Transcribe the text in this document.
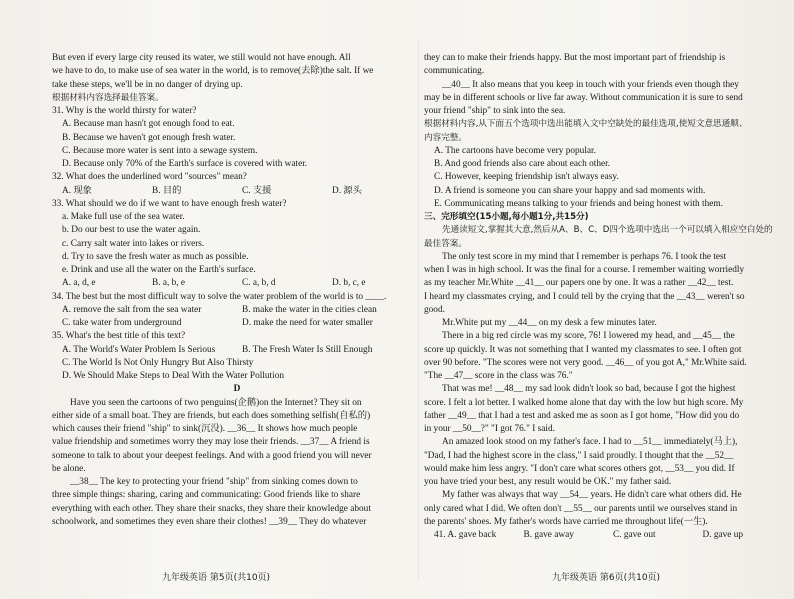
But even if every large city reused its water, we still would not have enough. All

we have to do, to make use of sea water in the world, is to remove(去除)the salt. If we

take these steps, we'll be in no danger of drying up.

根据材料内容选择最佳答案。

31. Why is the world thirsty for water?

A. Because man hasn't got enough food to eat.

B. Because we haven't got enough fresh water.

C. Because more water is sent into a sewage system.

D. Because only 70% of the Earth's surface is covered with water.

32. What does the underlined word "sources" mean?

A. 现象	B. 目的	C. 支援	D. 源头

33. What should we do if we want to have enough fresh water?

a. Make full use of the sea water.

b. Do our best to use the water again.

c. Carry salt water into lakes or rivers.

d. Try to save the fresh water as much as possible.

e. Drink and use all the water on the Earth's surface.

A. a, d, e	B. a, b, e	C. a, b, d	D. b, c, e

34. The best but the most difficult way to solve the water problem of the world is to ____.

A. remove the salt from the sea water	B. make the water in the cities clean
C. take water from underground	D. make the need for water smaller

35. What's the best title of this text?

A. The World's Water Problem Is Serious	B. The Fresh Water Is Still Enough

C. The World Is Not Only Hungry But Also Thirsty

D. We Should Make Steps to Deal With the Water Pollution

D

Have you seen the cartoons of two penguins(企鹅)on the Internet? They sit on

either side of a small boat. They are friends, but each does something selfish(自私的)

which causes their friend "ship" to sink(沉没). __36__ It shows how much people

value friendship and sometimes worry they may lose their friends. __37__ A friend is

someone to talk to about your deepest feelings. And with a good friend you will never

be alone.

__38__ The key to protecting your friend "ship" from sinking comes down to

three simple things: sharing, caring and communicating: Good friends like to share

everything with each other. They share their snacks, they share their knowledge about

schoolwork, and sometimes they even share their clothes! __39__ They do whatever

they can to make their friends happy. But the most important part of friendship is

communicating.

__40__ It also means that you keep in touch with your friends even though they

may be in different schools or live far away. Without communication it is sure to send

your friend "ship" to sink into the sea.

根据材料内容,从下面五个选项中选出能填入文中空缺处的最佳选项,使短文意思通顺、

内容完整。

A. The cartoons have become very popular.

B. And good friends also care about each other.

C. However, keeping friendship isn't always easy.

D. A friend is someone you can share your happy and sad moments with.

E. Communicating means talking to your friends and being honest with them.

三、完形填空(15小题,每小题1分,共15分)

先通读短文,掌握其大意,然后从A、B、C、D四个选项中选出一个可以填入相应空白处的

最佳答案。

The only test score in my mind that I remember is perhaps 76. I took the test

when I was in high school. It was the final for a course. I remember waiting worriedly

as my teacher Mr.White __41__ our papers one by one. It was a rather __42__ test.

I heard my classmates crying, and I could tell by the crying that the __43__ weren't so

good.

Mr.White put my __44__ on my desk a few minutes later.

There in a big red circle was my score, 76! I lowered my head, and __45__ the

score up quickly. It was not something that I wanted my classmates to see. I often got

over 90 before. "The scores were not very good. __46__ of you got A," Mr.White said.

"The __47__ score in the class was 76."

That was me! __48__ my sad look didn't look so bad, because I got the highest

score. I felt a lot better. I walked home alone that day with the low but high score. My

father __49__ that I had a test and asked me as soon as I got home, "How did you do

in your __50__?" "I got 76." I said.

An amazed look stood on my father's face. I had to __51__ immediately(马上),

"Dad, I had the highest score in the class," I said proudly. I thought that the __52__

would make him less angry. "I don't care what scores others got, __53__ you did. If

you have tried your best, any result would be OK." my father said.

My father was always that way __54__ years. He didn't care what others did. He

only cared what I did. We often don't __55__ our parents until we ourselves stand in

the parents' shoes. My father's words have carried me throughout life(一生).

41. A. gave back	B. gave away	C. gave out	D. gave up
九年级英语 第5页(共10页)	九年级英语 第6页(共10页)
